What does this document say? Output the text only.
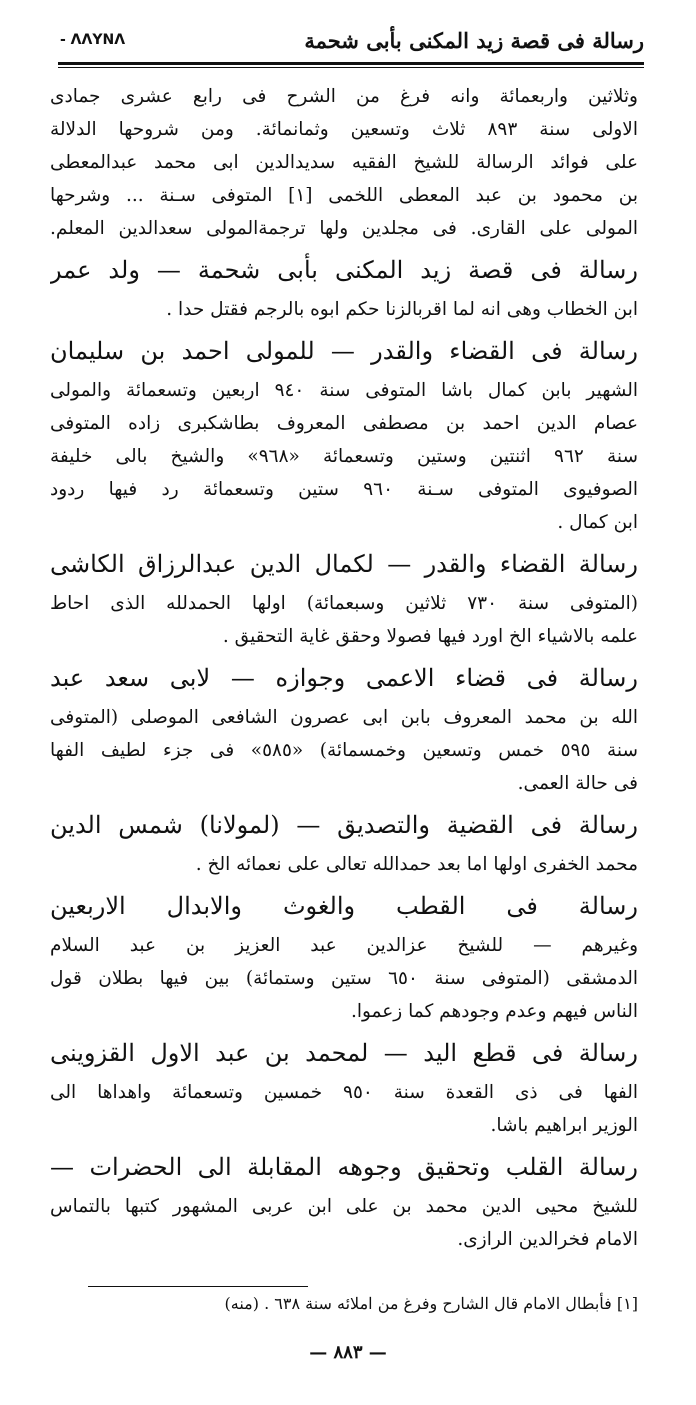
رسالة فى قصة زيد المكنى بأبى شحمة
- ΛΛΥΝΛ
وثلاثين واربعمائة وانه فرغ من الشرح فى رابع عشرى جمادى
الاولى سنة ٨٩٣ ثلاث وتسعين وثمانمائة. ومن شروحها الدلالة
على فوائد الرسالة للشيخ الفقيه سديدالدين ابى محمد عبدالمعطى
بن محمود بن عبد المعطى اللخمى [١] المتوفى سـنة ... وشرحها
المولى على القارى. فى مجلدين ولها ترجمةالمولى سعدالدين المعلم.
رسالة فى قصة زيد المكنى بأبى شحمة — ولد عمر
ابن الخطاب وهى انه لما اقربالزنا حكم ابوه بالرجم فقتل حدا .
رسالة فى القضاء والقدر — للمولى احمد بن سليمان
الشهير بابن كمال باشا المتوفى سنة ٩٤٠ اربعين وتسعمائة والمولى
عصام الدين احمد بن مصطفى المعروف بطاشكبرى زاده المتوفى
سنة ٩٦٢ اثنتين وستين وتسعمائة «٩٦٨» والشيخ بالى خليفة
الصوفيوى المتوفى سـنة ٩٦٠ ستين وتسعمائة رد فيها ردود
ابن كمال .
رسالة القضاء والقدر — لكمال الدين عبدالرزاق الكاشى
(المتوفى سنة ٧٣٠ ثلاثين وسبعمائة) اولها الحمدلله الذى احاط
علمه بالاشياء الخ اورد فيها فصولا وحقق غاية التحقيق .
رسالة فى قضاء الاعمى وجوازه — لابى سعد عبد
الله بن محمد المعروف بابن ابى عصرون الشافعى الموصلى (المتوفى
سنة ٥٩٥ خمس وتسعين وخمسمائة) «٥٨٥» فى جزء لطيف الفها
فى حالة العمى.
رسالة فى القضية والتصديق — (لمولانا) شمس الدين
محمد الخفرى اولها اما بعد حمدالله تعالى على نعمائه الخ .
رسالة فى القطب والغوث والابدال الاربعين
وغيرهم — للشيخ عزالدين عبد العزيز بن عبد السلام
الدمشقى (المتوفى سنة ٦٥٠ ستين وستمائة) بين فيها بطلان قول
الناس فيهم وعدم وجودهم كما زعموا.
رسالة فى قطع اليد — لمحمد بن عبد الاول القزوينى
الفها فى ذى القعدة سنة ٩٥٠ خمسين وتسعمائة واهداها الى
الوزير ابراهيم باشا.
رسالة القلب وتحقيق وجوهه المقابلة الى الحضرات —
للشيخ محيى الدين محمد بن على ابن عربى المشهور كتبها بالتماس
الامام فخرالدين الرازى.
[١] فأبطال الامام قال الشارح وفرغ من املائه سنة ٦٣٨ . (منه)
— ٨٨٣ —
